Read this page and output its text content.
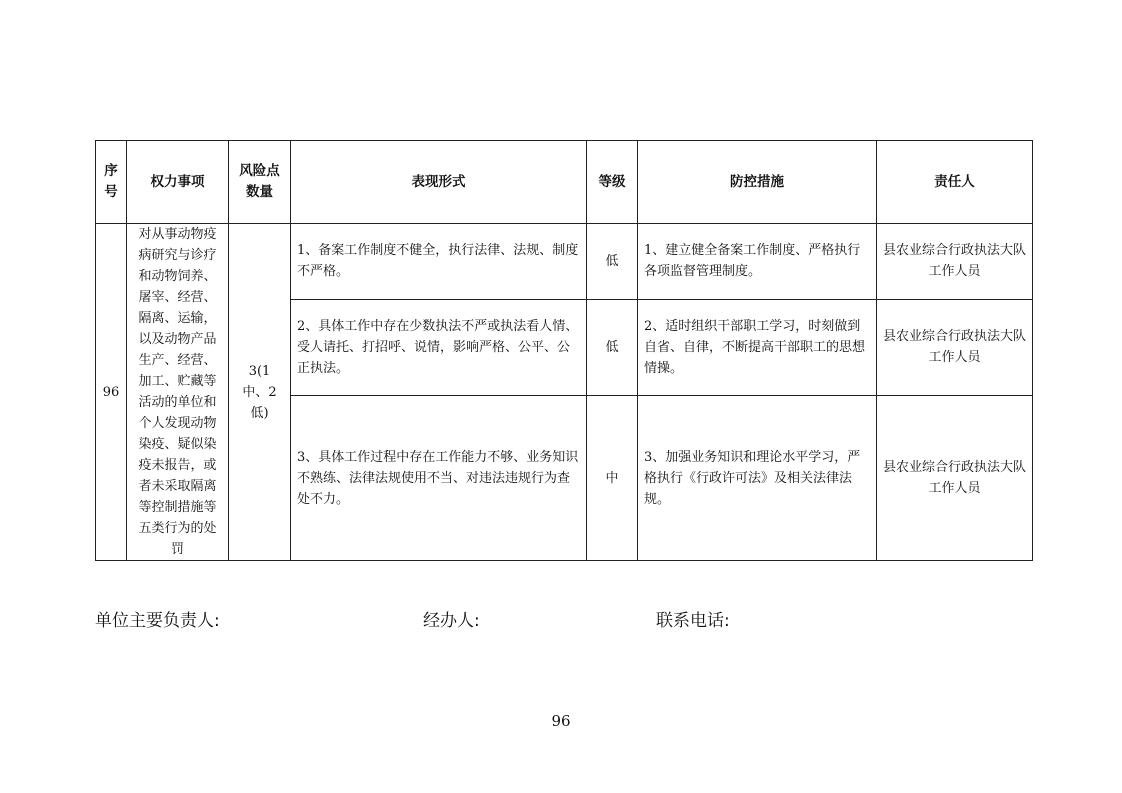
序号	权力事项	风险点数量	表现形式	等级	防控措施	责任人
96	对从事动物疫病研究与诊疗和动物饲养、屠宰、经营、隔离、运输，以及动物产品生产、经营、加工、贮藏等活动的单位和个人发现动物染疫、疑似染疫未报告，或者未采取隔离等控制措施等五类行为的处罚	3(1中、2低)	1、备案工作制度不健全，执行法律、法规、制度不严格。	低	1、建立健全备案工作制度、严格执行各项监督管理制度。	县农业综合行政执法大队工作人员
			2、具体工作中存在少数执法不严或执法看人情、受人请托、打招呼、说情，影响严格、公平、公正执法。	低	2、适时组织干部职工学习，时刻做到自省、自律，不断提高干部职工的思想情操。	县农业综合行政执法大队工作人员
			3、具体工作过程中存在工作能力不够、业务知识不熟练、法律法规使用不当、对违法违规行为查处不力。	中	3、加强业务知识和理论水平学习，严格执行《行政许可法》及相关法律法规。	县农业综合行政执法大队工作人员
单位主要负责人:	经办人:	联系电话:
96
